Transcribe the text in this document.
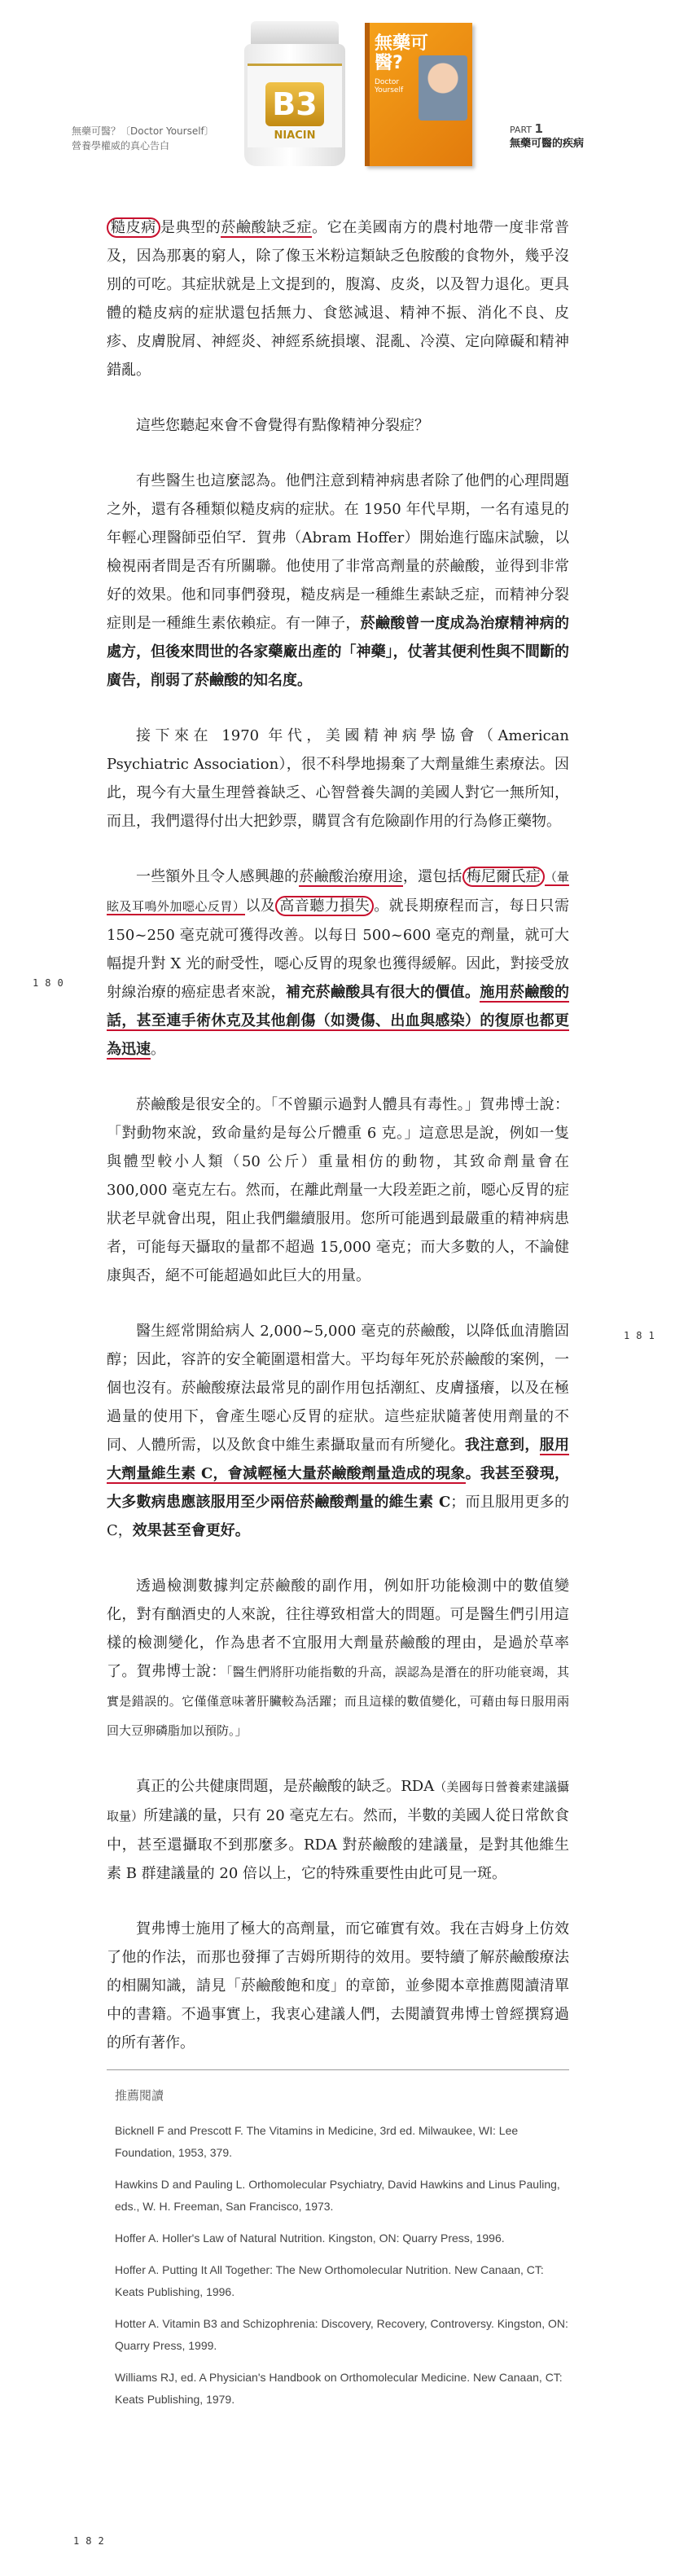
B3
NIACIN
無藥可醫?
Doctor Yourself
無藥可醫？〔Doctor Yourself〕
營養學權威的真心告白
PART 1
無藥可醫的疾病

糙皮病 是典型的菸鹼酸缺乏症。它在美國南方的農村地帶一度非常普及，因為那裏的窮人，除了像玉米粉這類缺乏色胺酸的食物外，幾乎沒別的可吃。其症狀就是上文提到的，腹瀉、皮炎，以及智力退化。更具體的糙皮病的症狀還包括無力、食慾減退、精神不振、消化不良、皮疹、皮膚脫屑、神經炎、神經系統損壞、混亂、冷漠、定向障礙和精神錯亂。

這些您聽起來會不會覺得有點像精神分裂症？

有些醫生也這麼認為。他們注意到精神病患者除了他們的心理問題之外，還有各種類似糙皮病的症狀。在 1950 年代早期，一名有遠見的年輕心理醫師亞伯罕．賀弗（Abram Hoffer）開始進行臨床試驗，以檢視兩者間是否有所關聯。他使用了非常高劑量的菸鹼酸，並得到非常好的效果。他和同事們發現，糙皮病是一種維生素缺乏症，而精神分裂症則是一種維生素依賴症。有一陣子，菸鹼酸曾一度成為治療精神病的處方，但後來問世的各家藥廠出產的「神藥」，仗著其便利性與不間斷的廣告，削弱了菸鹼酸的知名度。

接下來在 1970 年代，美國精神病學協會（American Psychiatric Association），很不科學地揚棄了大劑量維生素療法。因此，現今有大量生理營養缺乏、心智營養失調的美國人對它一無所知，而且，我們還得付出大把鈔票，購買含有危險副作用的行為修正藥物。

一些額外且令人感興趣的菸鹼酸治療用途，還包括 梅尼爾氏症 （暈眩及耳鳴外加噁心反胃）以及 高音聽力損失 。就長期療程而言，每日只需 150~250 毫克就可獲得改善。以每日 500~600 毫克的劑量，就可大幅提升對 X 光的耐受性，噁心反胃的現象也獲得緩解。因此，對接受放射線治療的癌症患者來說，補充菸鹼酸具有很大的價值。施用菸鹼酸的話，甚至連手術休克及其他創傷（如燙傷、出血與感染）的復原也都更為迅速。

菸鹼酸是很安全的。「不曾顯示過對人體具有毒性。」賀弗博士說：「對動物來說，致命量約是每公斤體重 6 克。」這意思是說，例如一隻與體型較小人類（50 公斤）重量相仿的動物，其致命劑量會在 300,000 毫克左右。然而，在離此劑量一大段差距之前，噁心反胃的症狀老早就會出現，阻止我們繼續服用。您所可能遇到最嚴重的精神病患者，可能每天攝取的量都不超過 15,000 毫克；而大多數的人，不論健康與否，絕不可能超過如此巨大的用量。

醫生經常開給病人 2,000~5,000 毫克的菸鹼酸，以降低血清膽固醇；因此，容許的安全範圍還相當大。平均每年死於菸鹼酸的案例，一個也沒有。菸鹼酸療法最常見的副作用包括潮紅、皮膚搔癢，以及在極過量的使用下，會產生噁心反胃的症狀。這些症狀隨著使用劑量的不同、人體所需，以及飲食中維生素攝取量而有所變化。我注意到，服用大劑量維生素 C，會減輕極大量菸鹼酸劑量造成的現象。我甚至發現，大多數病患應該服用至少兩倍菸鹼酸劑量的維生素 C；而且服用更多的 C，效果甚至會更好。

透過檢測數據判定菸鹼酸的副作用，例如肝功能檢測中的數值變化，對有酗酒史的人來說，往往導致相當大的問題。可是醫生們引用這樣的檢測變化，作為患者不宜服用大劑量菸鹼酸的理由，是過於草率了。賀弗博士說：「醫生們將肝功能指數的升高，誤認為是潛在的肝功能衰竭，其實是錯誤的。它僅僅意味著肝臟較為活躍；而且這樣的數值變化，可藉由每日服用兩回大豆卵磷脂加以預防。」

真正的公共健康問題，是菸鹼酸的缺乏。RDA（美國每日營養素建議攝取量）所建議的量，只有 20 毫克左右。然而，半數的美國人從日常飲食中，甚至還攝取不到那麼多。RDA 對菸鹼酸的建議量，是對其他維生素 B 群建議量的 20 倍以上，它的特殊重要性由此可見一斑。

賀弗博士施用了極大的高劑量，而它確實有效。我在吉姆身上仿效了他的作法，而那也發揮了吉姆所期待的效用。要特續了解菸鹼酸療法的相關知識，請見「菸鹼酸飽和度」的章節，並參閱本章推薦閱讀清單中的書籍。不過事實上，我衷心建議人們，去閱讀賀弗博士曾經撰寫過的所有著作。

推薦閱讀
Bicknell F and Prescott F. The Vitamins in Medicine, 3rd ed. Milwaukee, WI: Lee Foundation, 1953, 379.
Hawkins D and Pauling L. Orthomolecular Psychiatry, David Hawkins and Linus Pauling, eds., W. H. Freeman, San Francisco, 1973.
Hoffer A. Holler's Law of Natural Nutrition. Kingston, ON: Quarry Press, 1996.
Hoffer A. Putting It All Together: The New Orthomolecular Nutrition. New Canaan, CT: Keats Publishing, 1996.
Hotter A. Vitamin B3 and Schizophrenia: Discovery, Recovery, Controversy. Kingston, ON: Quarry Press, 1999.
Williams RJ, ed. A Physician's Handbook on Orthomolecular Medicine. New Canaan, CT: Keats Publishing, 1979.
180
181
182
